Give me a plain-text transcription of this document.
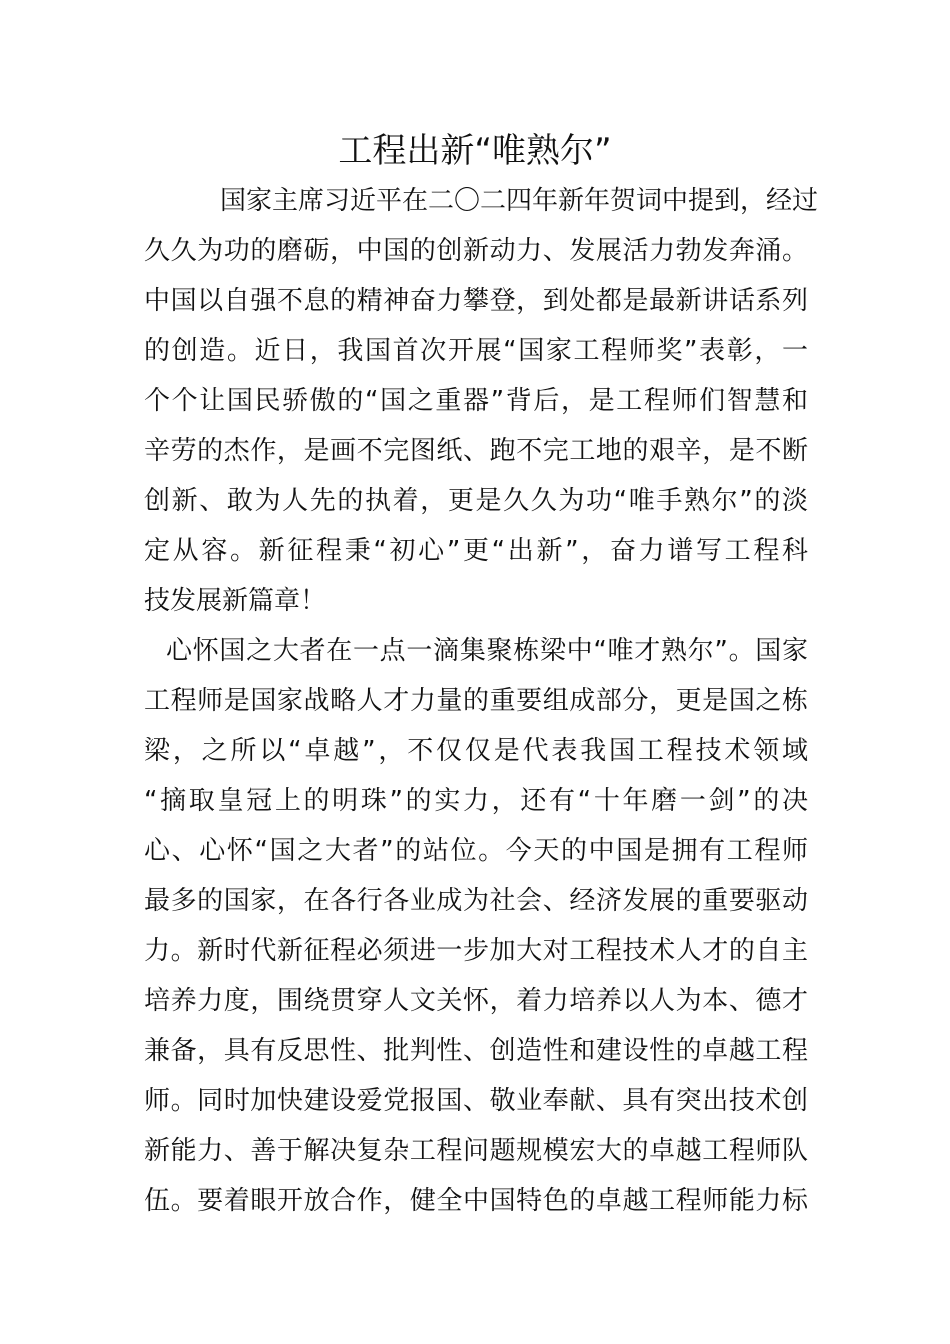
工程出新“唯熟尔”
国家主席习近平在二〇二四年新年贺词中提到，经过
久久为功的磨砺，中国的创新动力、发展活力勃发奔涌。
中国以自强不息的精神奋力攀登，到处都是最新讲话系列
的创造。近日，我国首次开展“国家工程师奖”表彰，一
个个让国民骄傲的“国之重器”背后，是工程师们智慧和
辛劳的杰作，是画不完图纸、跑不完工地的艰辛，是不断
创新、敢为人先的执着，更是久久为功“唯手熟尔”的淡
定从容。新征程秉“初心”更“出新”，奋力谱写工程科
技发展新篇章！
心怀国之大者在一点一滴集聚栋梁中“唯才熟尔”。国家
工程师是国家战略人才力量的重要组成部分，更是国之栋
梁，之所以“卓越”，不仅仅是代表我国工程技术领域
“摘取皇冠上的明珠”的实力，还有“十年磨一剑”的决
心、心怀“国之大者”的站位。今天的中国是拥有工程师
最多的国家，在各行各业成为社会、经济发展的重要驱动
力。新时代新征程必须进一步加大对工程技术人才的自主
培养力度，围绕贯穿人文关怀，着力培养以人为本、德才
兼备，具有反思性、批判性、创造性和建设性的卓越工程
师。同时加快建设爱党报国、敬业奉献、具有突出技术创
新能力、善于解决复杂工程问题规模宏大的卓越工程师队
伍。要着眼开放合作，健全中国特色的卓越工程师能力标
